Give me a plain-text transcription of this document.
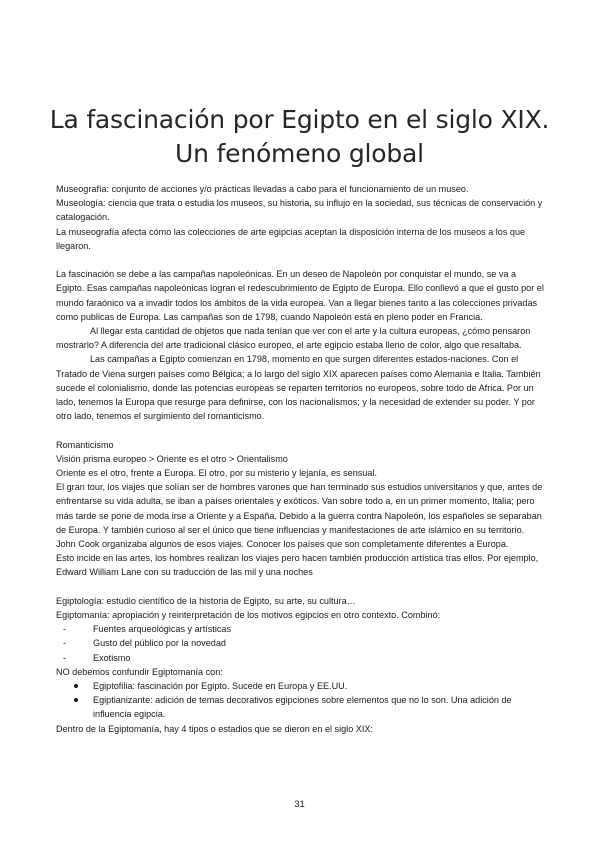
La fascinación por Egipto en el siglo XIX. Un fenómeno global

Museografía: conjunto de acciones y/o prácticas llevadas a cabo para el funcionamiento de un museo.

Museología: ciencia que trata o estudia los museos, su historia, su influjo en la sociedad, sus técnicas de conservación y catalogación.

La museografía afecta cómo las colecciones de arte egipcias aceptan la disposición interna de los museos a los que llegaron.

La fascinación se debe a las campañas napoleónicas. En un deseo de Napoleón por conquistar el mundo, se va a Egipto. Esas campañas napoleónicas logran el redescubrimiento de Egipto de Europa. Ello conllevó a que el gusto por el mundo faraónico va a invadir todos los ámbitos de la vida europea. Van a llegar bienes tanto a las colecciones privadas como publicas de Europa. Las campañas son de 1798, cuando Napoleón está en pleno poder en Francia.

Al llegar esta cantidad de objetos que nada tenían que ver con el arte y la cultura europeas, ¿cómo pensaron mostrarlo? A diferencia del arte tradicional clásico europeo, el arte egipcio estaba lleno de color, algo que resaltaba.

Las campañas a Egipto comienzan en 1798, momento en que surgen diferentes estados-naciones. Con el Tratado de Viena surgen países como Bélgica; a lo largo del siglo XIX aparecen países como Alemania e Italia. También sucede el colonialismo, donde las potencias europeas se reparten territorios no europeos, sobre todo de Africa. Por un lado, tenemos la Europa que resurge para definirse, con los nacionalismos; y la necesidad de extender su poder. Y por otro lado, tenemos el surgimiento del romanticismo.

Romanticismo

Visión prisma europeo > Oriente es el otro > Orientalismo

Oriente es el otro, frente a Europa. El otro, por su misterio y lejanía, es sensual.

El gran tour, los viajes que solían ser de hombres varones que han terminado sus estudios universitarios y que, antes de enfrentarse su vida adulta, se iban a países orientales y exóticos. Van sobre todo a, en un primer momento, Italia; pero más tarde se pone de moda irse a Oriente y a España. Debido a la guerra contra Napoleón, los españoles se separaban de Europa. Y también curioso al ser el único que tiene influencias y manifestaciones de arte islámico en su territorio.

John Cook organizaba algunos de esos viajes. Conocer los países que son completamente diferentes a Europa.

Esto incide en las artes, los hombres realizan los viajes pero hacen también producción artística tras ellos. Por ejemplo, Edward William Lane con su traducción de las mil y una noches

Egiptología: estudio científico de la historia de Egipto, su arte, su cultura…

Egiptomanía: apropiación y reinterpretación de los motivos egipcios en otro contexto. Combinó:

-	Fuentes arqueológicas y artísticas
-	Gusto del público por la novedad
-	Exotismo

NO debemos confundir Egiptomanía con:

Egiptofilia: fascinación por Egipto. Sucede en Europa y EE.UU.
Egiptianizante: adición de temas decorativos egipciones sobre elementos que no lo son. Una adición de influencia egipcia.

Dentro de la Egiptomanía, hay 4 tipos o estadios que se dieron en el siglo XIX:

31
